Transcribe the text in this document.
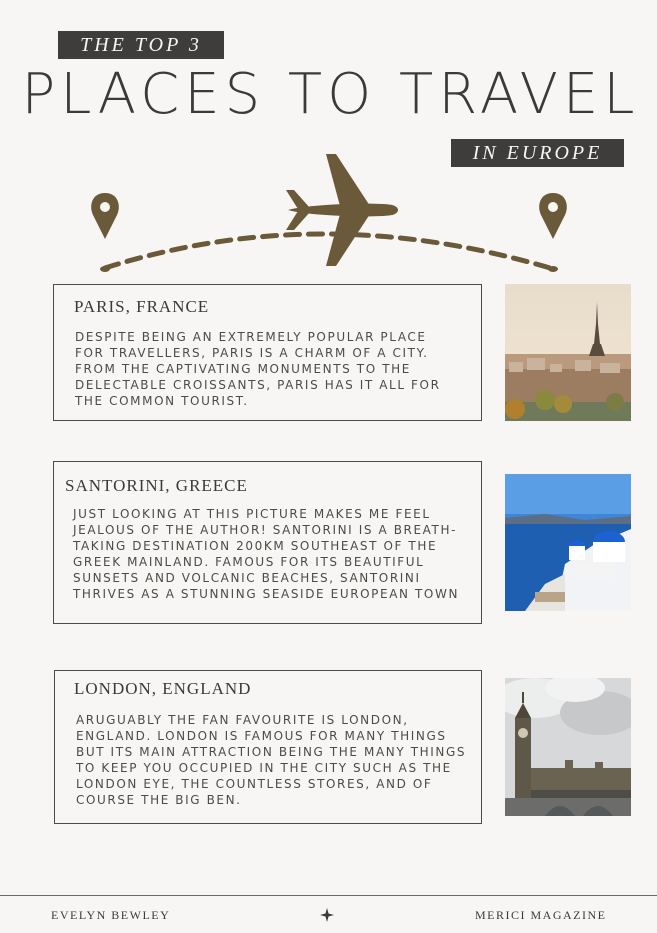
THE TOP 3
PLACES TO TRAVEL
IN EUROPE
PARIS, FRANCE
DESPITE BEING AN EXTREMELY POPULAR PLACE FOR TRAVELLERS, PARIS IS A CHARM OF A CITY. FROM THE CAPTIVATING MONUMENTS TO THE DELECTABLE CROISSANTS, PARIS HAS IT ALL FOR THE COMMON TOURIST.
SANTORINI, GREECE
JUST LOOKING AT THIS PICTURE MAKES ME FEEL JEALOUS OF THE AUTHOR! SANTORINI IS A BREATH-TAKING DESTINATION 200KM SOUTHEAST OF THE GREEK MAINLAND. FAMOUS FOR ITS BEAUTIFUL SUNSETS AND VOLCANIC BEACHES, SANTORINI THRIVES AS A STUNNING SEASIDE EUROPEAN TOWN
LONDON, ENGLAND
ARUGUABLY THE FAN FAVOURITE IS LONDON, ENGLAND. LONDON IS FAMOUS FOR MANY THINGS BUT ITS MAIN ATTRACTION BEING THE MANY THINGS TO KEEP YOU OCCUPIED IN THE CITY SUCH AS THE LONDON EYE, THE COUNTLESS STORES, AND OF COURSE THE BIG BEN.
EVELYN BEWLEY	MERICI MAGAZINE
